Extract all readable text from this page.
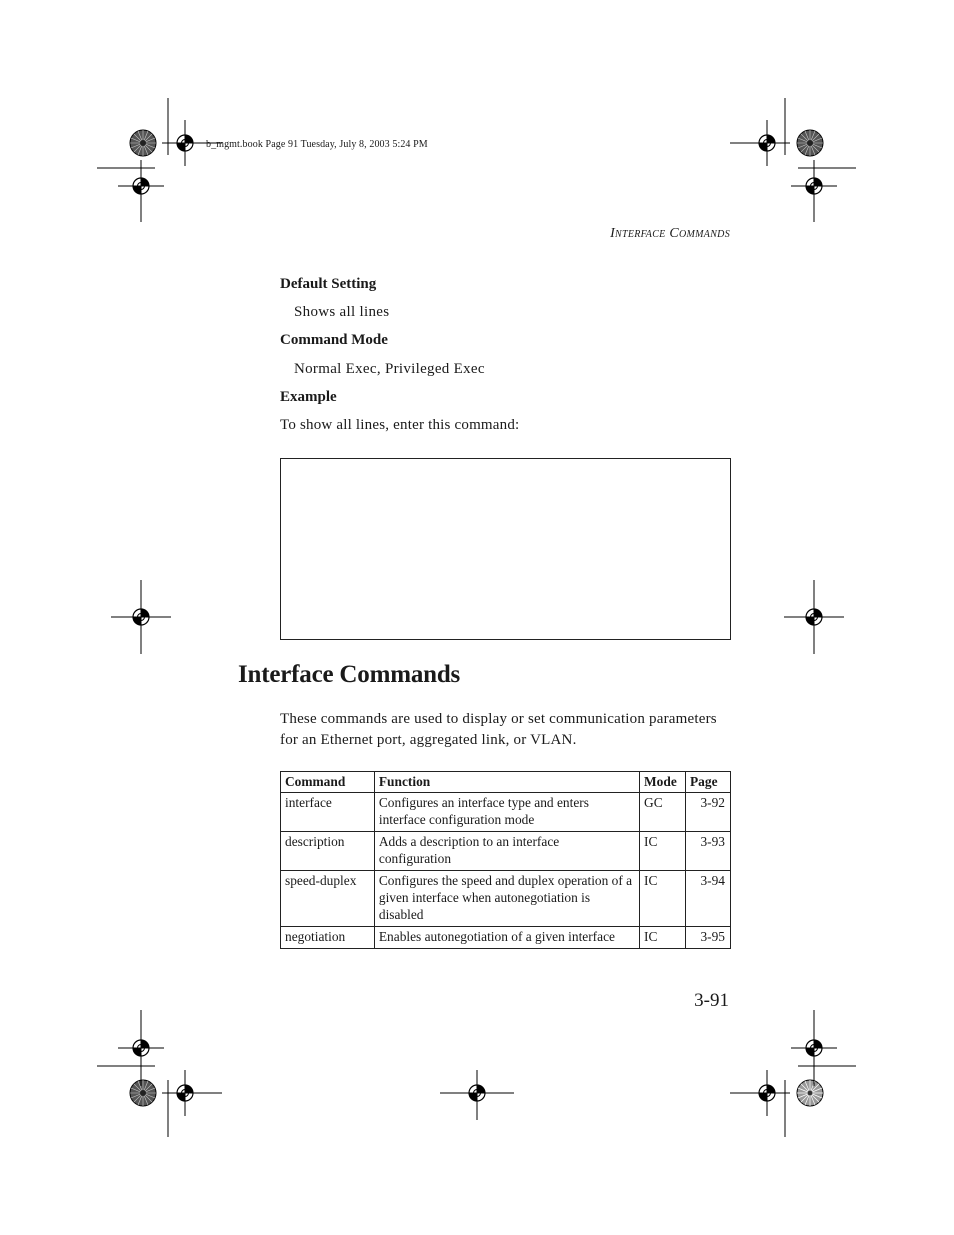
b_mgmt.book Page 91 Tuesday, July 8, 2003 5:24 PM
Interface Commands
Default Setting
Shows all lines
Command Mode
Normal Exec, Privileged Exec
Example
To show all lines, enter this command:
Interface Commands
These commands are used to display or set communication parameters for an Ethernet port, aggregated link, or VLAN.
Command	Function	Mode	Page
interface	Configures an interface type and enters interface configuration mode	GC	3-92
description	Adds a description to an interface configuration	IC	3-93
speed-duplex	Configures the speed and duplex operation of a given interface when autonegotiation is disabled	IC	3-94
negotiation	Enables autonegotiation of a given interface	IC	3-95
3-91
